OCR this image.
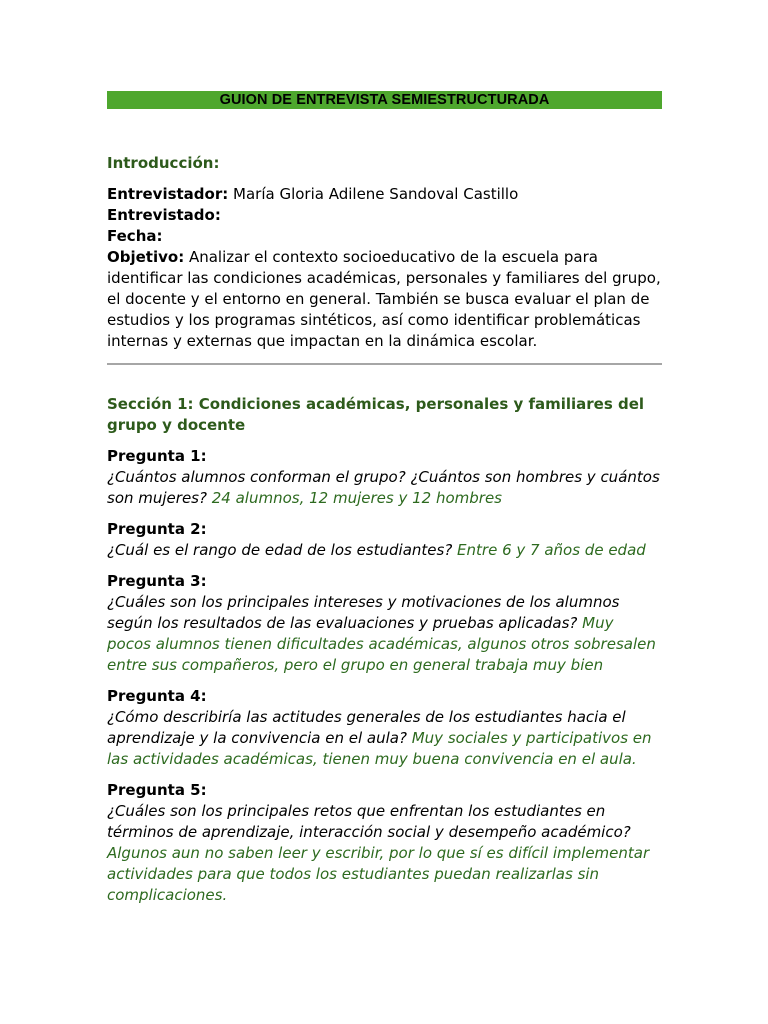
GUION DE ENTREVISTA SEMIESTRUCTURADA
Introducción:

Entrevistador: María Gloria Adilene Sandoval Castillo

Entrevistado:

Fecha:

Objetivo: Analizar el contexto socioeducativo de la escuela para identificar las condiciones académicas, personales y familiares del grupo, el docente y el entorno en general. También se busca evaluar el plan de estudios y los programas sintéticos, así como identificar problemáticas internas y externas que impactan en la dinámica escolar.

Sección 1: Condiciones académicas, personales y familiares del grupo y docente
Pregunta 1:
¿Cuántos alumnos conforman el grupo? ¿Cuántos son hombres y cuántos son mujeres? 24 alumnos, 12 mujeres y 12 hombres
Pregunta 2:
¿Cuál es el rango de edad de los estudiantes? Entre 6 y 7 años de edad
Pregunta 3:
¿Cuáles son los principales intereses y motivaciones de los alumnos según los resultados de las evaluaciones y pruebas aplicadas? Muy pocos alumnos tienen dificultades académicas, algunos otros sobresalen entre sus compañeros, pero el grupo en general trabaja muy bien
Pregunta 4:
¿Cómo describiría las actitudes generales de los estudiantes hacia el aprendizaje y la convivencia en el aula? Muy sociales y participativos en las actividades académicas, tienen muy buena convivencia en el aula.
Pregunta 5:
¿Cuáles son los principales retos que enfrentan los estudiantes en términos de aprendizaje, interacción social y desempeño académico? Algunos aun no saben leer y escribir, por lo que sí es difícil implementar actividades para que todos los estudiantes puedan realizarlas sin complicaciones.
